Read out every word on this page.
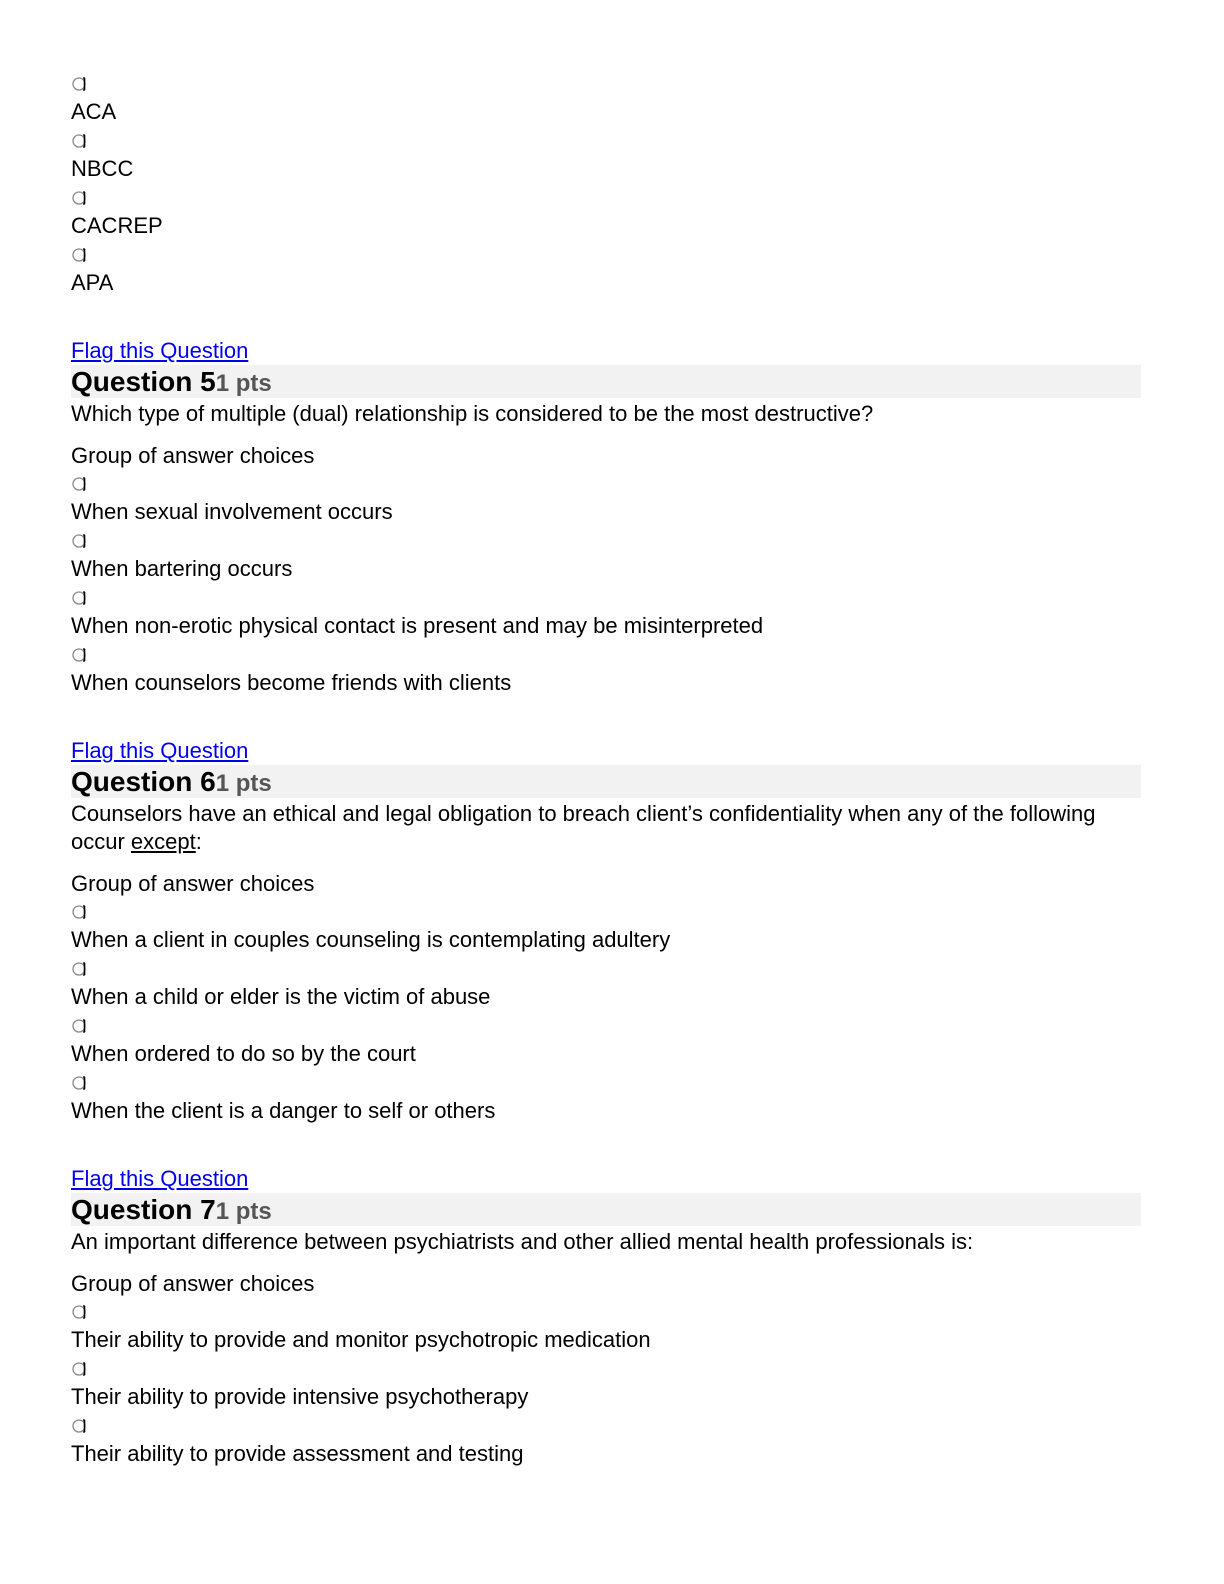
ACA
NBCC
CACREP
APA
Flag this Question
Question 5 1 pts
Which type of multiple (dual) relationship is considered to be the most destructive?
Group of answer choices
When sexual involvement occurs
When bartering occurs
When non-erotic physical contact is present and may be misinterpreted
When counselors become friends with clients
Flag this Question
Question 6 1 pts
Counselors have an ethical and legal obligation to breach client’s confidentiality when any of the following occur except:
Group of answer choices
When a client in couples counseling is contemplating adultery
When a child or elder is the victim of abuse
When ordered to do so by the court
When the client is a danger to self or others
Flag this Question
Question 7 1 pts
An important difference between psychiatrists and other allied mental health professionals is:
Group of answer choices
Their ability to provide and monitor psychotropic medication
Their ability to provide intensive psychotherapy
Their ability to provide assessment and testing
